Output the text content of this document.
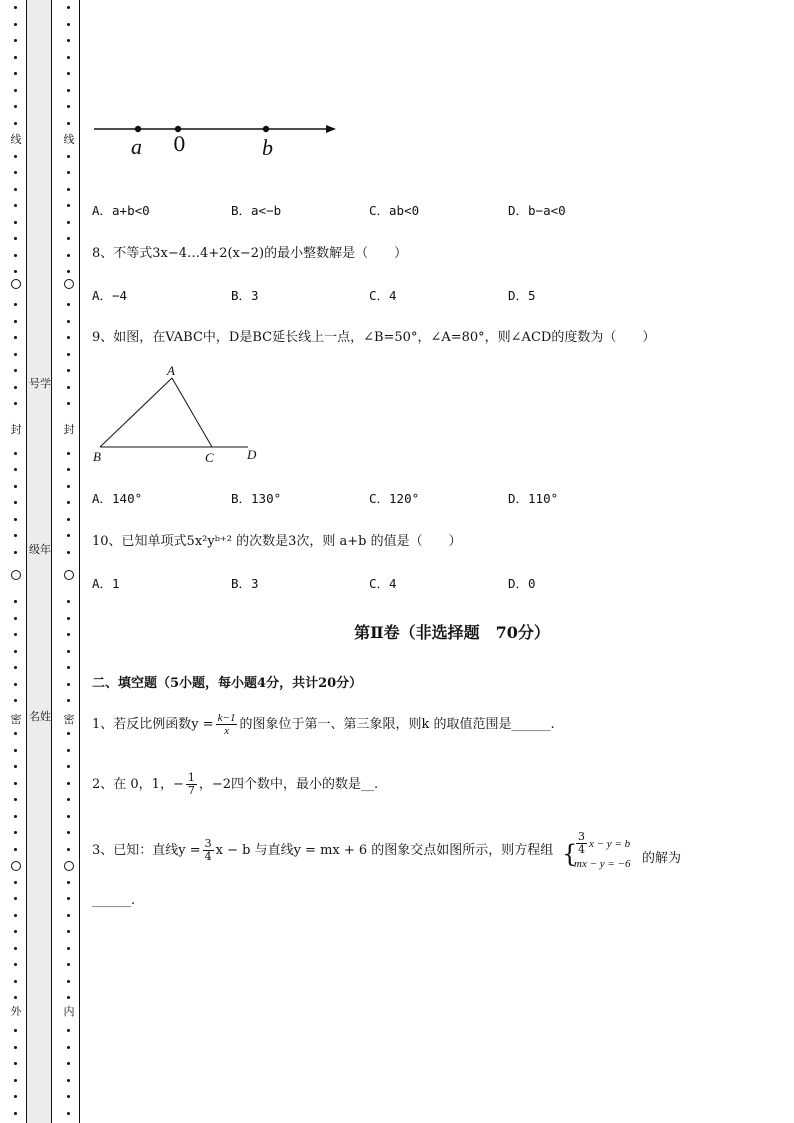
线
封
密
外
号学
级年
名姓
线
封
密
内
a 0	b
A．a+b<0	B．a<−b	C．ab<0	D．b−a<0
8、不等式3x−4…4+2(x−2)的最小整数解是（　　）
A．−4	B．3	C．4	D．5
9、如图，在VABC中，D是BC延长线上一点，∠B=50°，∠A=80°，则∠ACD的度数为（　　）
A
B	C	D
A．140°	B．130°	C．120°	D．110°
10、已知单项式5x²yᵇ⁺² 的次数是3次，则 a+b 的值是（　　）
A．1	B．3	C．4	D．0
第Ⅱ卷（非选择题　70分）
二、填空题（5小题，每小题4分，共计20分）
1、若反比例函数$y = \frac{k-1}{x}$ 的图象位于第一、第三象限，则k 的取值范围是______.
2、在 0，1，− $\frac{1}{7}$ ，−2四个数中，最小的数是__.
3、已知：直线$y = \frac{3}{4}$ x − b 与直线y = mx + 6 的图象交点如图所示，则方程组 {
$\frac{3}{4}$ x − y = b
mx − y = −6 的解为
______.
